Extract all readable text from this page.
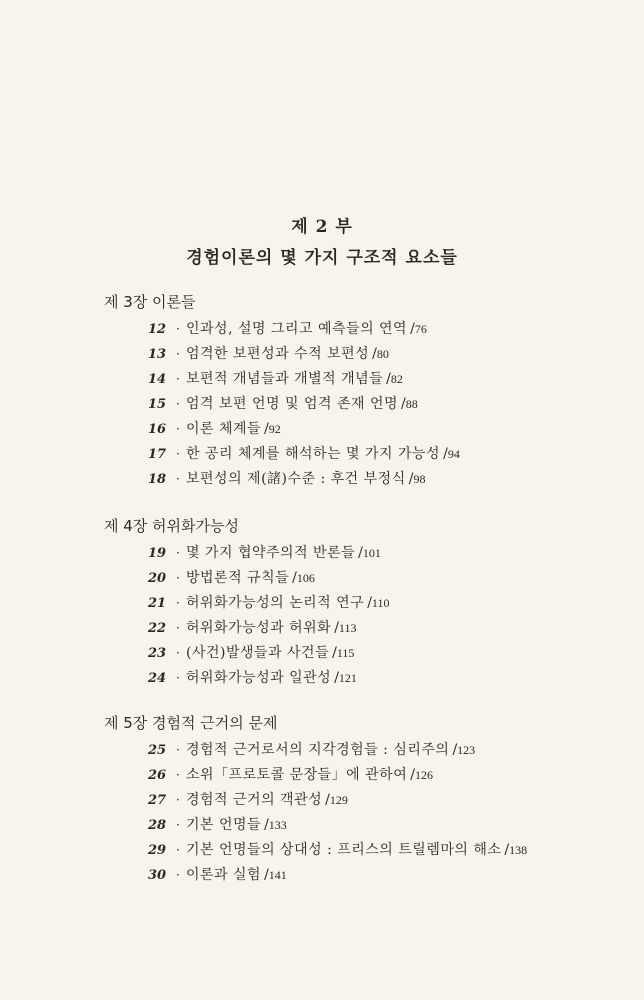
제 2 부
경험이론의 몇 가지 구조적 요소들
제 3장 이론들
12 · 인과성, 설명 그리고 예측들의 연역 /76
13 · 엄격한 보편성과 수적 보편성 /80
14 · 보편적 개념들과 개별적 개념들 /82
15 · 엄격 보편 언명 및 엄격 존재 언명 /88
16 · 이론 체계들 /92
17 · 한 공리 체계를 해석하는 몇 가지 가능성 /94
18 · 보편성의 제(諸)수준 : 후건 부정식 /98
제 4장 허위화가능성
19 · 몇 가지 협약주의적 반론들 /101
20 · 방법론적 규칙들 /106
21 · 허위화가능성의 논리적 연구 /110
22 · 허위화가능성과 허위화 /113
23 · (사건)발생들과 사건들 /115
24 · 허위화가능성과 일관성 /121
제 5장 경험적 근거의 문제
25 · 경험적 근거로서의 지각경험들 : 심리주의 /123
26 · 소위「프로토콜 문장들」에 관하여 /126
27 · 경험적 근거의 객관성 /129
28 · 기본 언명들 /133
29 · 기본 언명들의 상대성 : 프리스의 트릴렘마의 해소 /138
30 · 이론과 실험 /141
